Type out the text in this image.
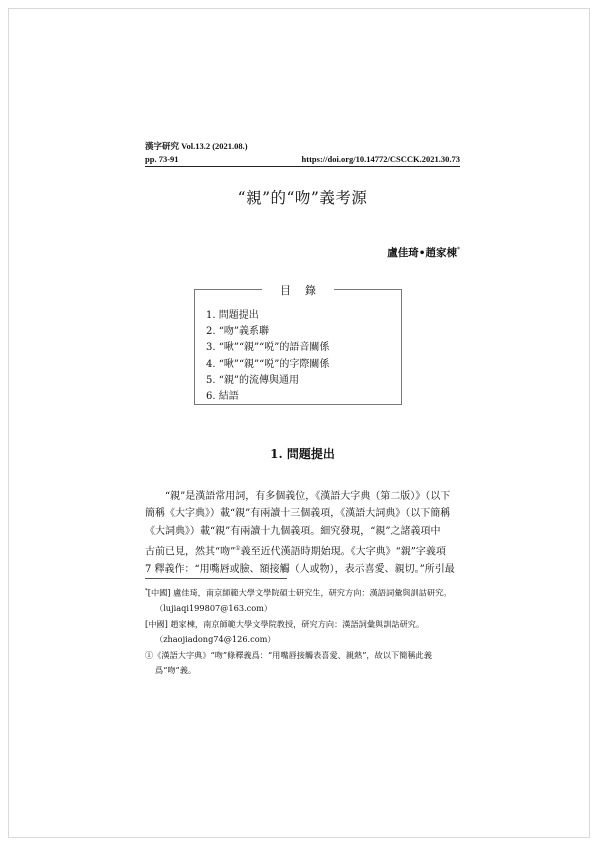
漢字研究 Vol.13.2 (2021.08.)
pp. 73-91	https://doi.org/10.14772/CSCCK.2021.30.73
“親”的“吻”義考源
盧佳琦•趙家棟*
目錄
1. 問題提出
2. “吻”義系聯
3. “啾”“親”“哾”的語音關係
4. “啾”“親”“哾”的字際關係
5. “親”的流傳與通用
6. 結語
1. 問題提出

　　“親”是漢語常用詞，有多個義位，《漢語大字典（第二版）》（以下

簡稱《大字典》）載“親”有兩讀十三個義項，《漢語大詞典》（以下簡稱

《大詞典》）載“親”有兩讀十九個義項。細究發現，“親”之諸義項中

古前已見，然其“吻”①義至近代漢語時期始現。《大字典》“親”字義項

7 釋義作：“用嘴唇或臉、額接觸（人或物），表示喜愛、親切。”所引最

*[中國] 盧佳琦，南京師範大學文學院碩士研究生，研究方向：漢語詞彙與訓詁研究。
（lujiaqi199807@163.com）
[中國] 趙家棟，南京師範大學文學院教授，研究方向：漢語詞彙與訓詁研究。
（zhaojiadong74@126.com）
①《漢語大字典》“吻”條釋義爲：“用嘴唇接觸表喜愛、親熱”，故以下簡稱此義
爲“吻”義。
